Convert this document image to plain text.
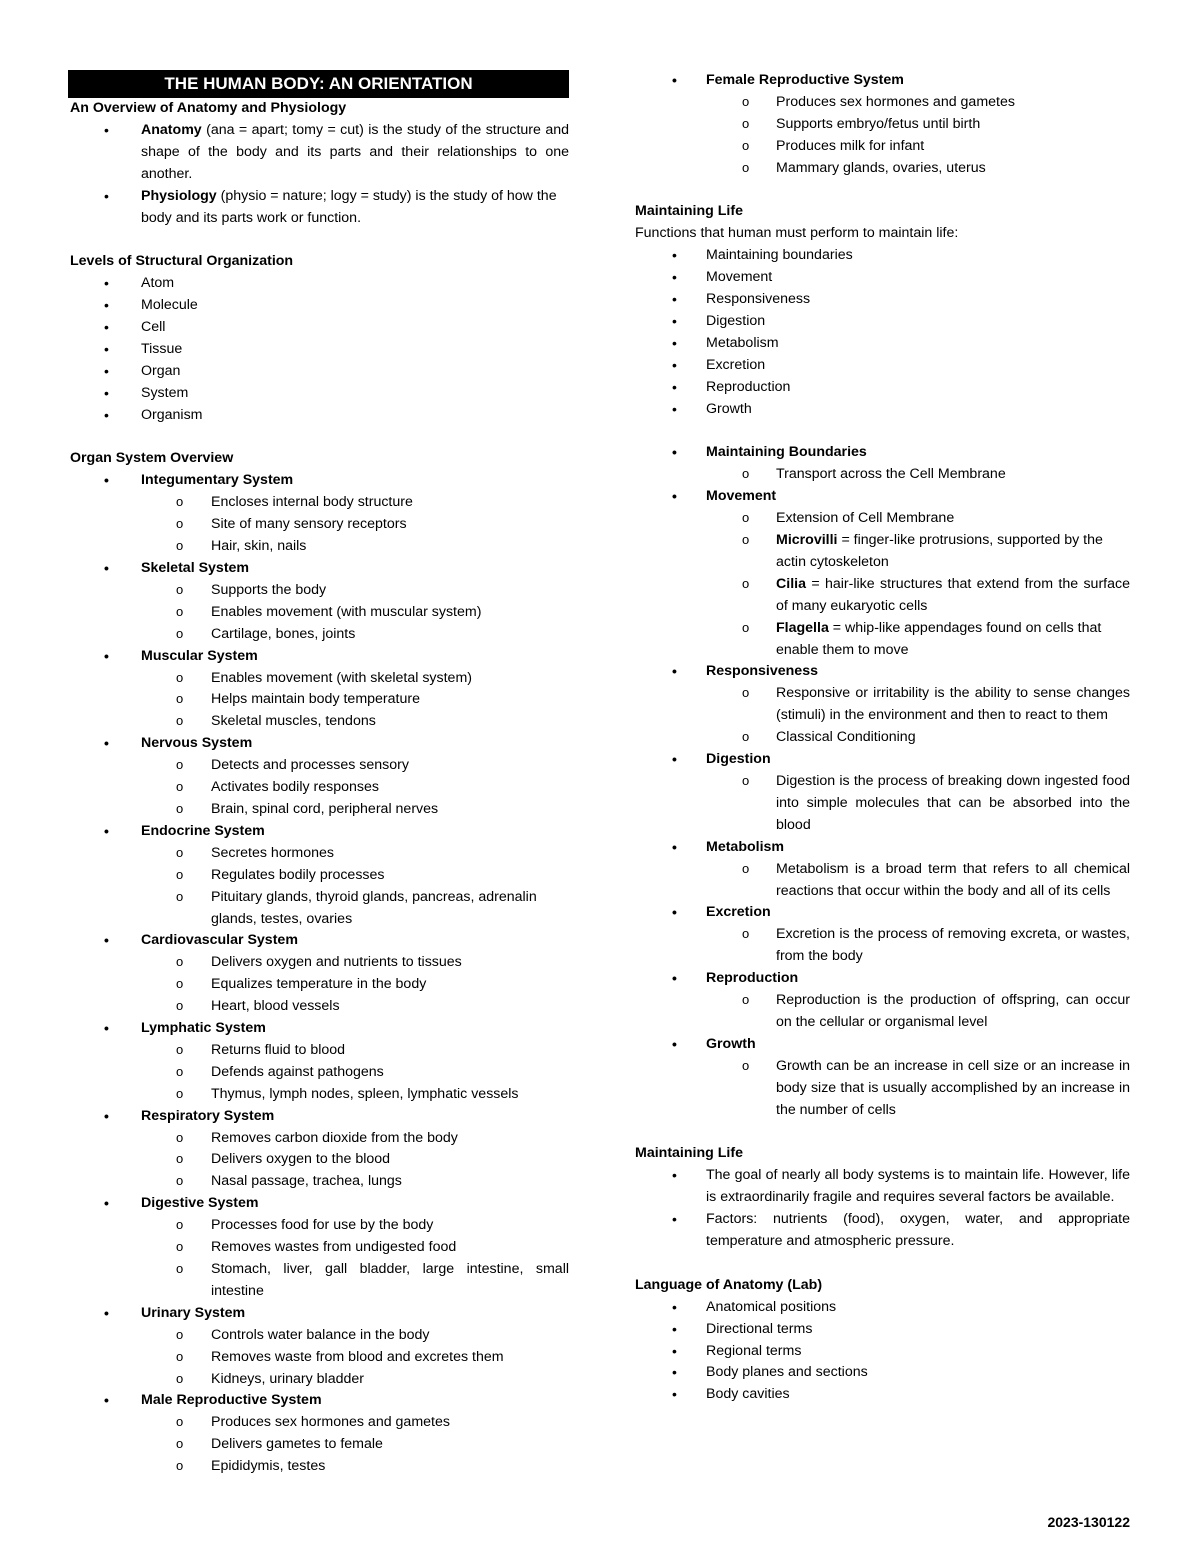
THE HUMAN BODY: AN ORIENTATION
An Overview of Anatomy and Physiology
• Anatomy (ana = apart; tomy = cut) is the study of the structure and shape of the body and its parts and their relationships to one another.
• Physiology (physio = nature; logy = study) is the study of how the body and its parts work or function.
Levels of Structural Organization
• Atom
• Molecule
• Cell
• Tissue
• Organ
• System
• Organism
Organ System Overview
• Integumentary System
o Encloses internal body structure
o Site of many sensory receptors
o Hair, skin, nails
• Skeletal System
o Supports the body
o Enables movement (with muscular system)
o Cartilage, bones, joints
• Muscular System
o Enables movement (with skeletal system)
o Helps maintain body temperature
o Skeletal muscles, tendons
• Nervous System
o Detects and processes sensory
o Activates bodily responses
o Brain, spinal cord, peripheral nerves
• Endocrine System
o Secretes hormones
o Regulates bodily processes
o Pituitary glands, thyroid glands, pancreas, adrenalin glands, testes, ovaries
• Cardiovascular System
o Delivers oxygen and nutrients to tissues
o Equalizes temperature in the body
o Heart, blood vessels
• Lymphatic System
o Returns fluid to blood
o Defends against pathogens
o Thymus, lymph nodes, spleen, lymphatic vessels
• Respiratory System
o Removes carbon dioxide from the body
o Delivers oxygen to the blood
o Nasal passage, trachea, lungs
• Digestive System
o Processes food for use by the body
o Removes wastes from undigested food
o Stomach, liver, gall bladder, large intestine, small intestine
• Urinary System
o Controls water balance in the body
o Removes waste from blood and excretes them
o Kidneys, urinary bladder
• Male Reproductive System
o Produces sex hormones and gametes
o Delivers gametes to female
o Epididymis, testes
• Female Reproductive System
o Produces sex hormones and gametes
o Supports embryo/fetus until birth
o Produces milk for infant
o Mammary glands, ovaries, uterus
Maintaining Life
Functions that human must perform to maintain life:
• Maintaining boundaries
• Movement
• Responsiveness
• Digestion
• Metabolism
• Excretion
• Reproduction
• Growth
• Maintaining Boundaries
o Transport across the Cell Membrane
• Movement
o Extension of Cell Membrane
o Microvilli = finger-like protrusions, supported by the actin cytoskeleton
o Cilia = hair-like structures that extend from the surface of many eukaryotic cells
o Flagella = whip-like appendages found on cells that enable them to move
• Responsiveness
o Responsive or irritability is the ability to sense changes (stimuli) in the environment and then to react to them
o Classical Conditioning
• Digestion
o Digestion is the process of breaking down ingested food into simple molecules that can be absorbed into the blood
• Metabolism
o Metabolism is a broad term that refers to all chemical reactions that occur within the body and all of its cells
• Excretion
o Excretion is the process of removing excreta, or wastes, from the body
• Reproduction
o Reproduction is the production of offspring, can occur on the cellular or organismal level
• Growth
o Growth can be an increase in cell size or an increase in body size that is usually accomplished by an increase in the number of cells
Maintaining Life
• The goal of nearly all body systems is to maintain life. However, life is extraordinarily fragile and requires several factors be available.
• Factors: nutrients (food), oxygen, water, and appropriate temperature and atmospheric pressure.
Language of Anatomy (Lab)
• Anatomical positions
• Directional terms
• Regional terms
• Body planes and sections
• Body cavities
2023-130122
